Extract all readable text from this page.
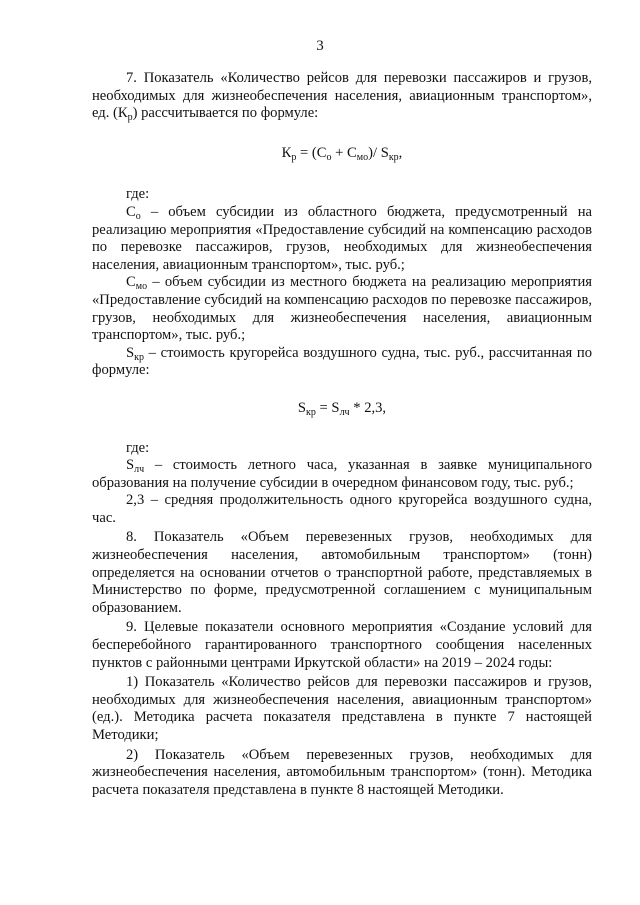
3

7. Показатель «Количество рейсов для перевозки пассажиров и грузов, необходимых для жизнеобеспечения населения, авиационным транспортом», ед. $(К_р)$ рассчитывается по формуле:

$К_р = (С_о + С_{мо})/$ $S_{кр}$,

где:

$С_о$ – объем субсидии из областного бюджета, предусмотренный на реализацию мероприятия «Предоставление субсидий на компенсацию расходов по перевозке пассажиров, грузов, необходимых для жизнеобеспечения населения, авиационным транспортом», тыс. руб.;

$С_{мо}$ – объем субсидии из местного бюджета на реализацию мероприятия «Предоставление субсидий на компенсацию расходов по перевозке пассажиров, грузов, необходимых для жизнеобеспечения населения, авиационным транспортом», тыс. руб.;

$S_{кр}$ – стоимость кругорейса воздушного судна, тыс. руб., рассчитанная по формуле:

$S_{кр} = S_{лч} * 2,3$,

где:

$S_{лч}$ – стоимость летного часа, указанная в заявке муниципального образования на получение субсидии в очередном финансовом году, тыс. руб.;

2,3 – средняя продолжительность одного кругорейса воздушного судна, час.

8. Показатель «Объем перевезенных грузов, необходимых для жизнеобеспечения населения, автомобильным транспортом» (тонн) определяется на основании отчетов о транспортной работе, представляемых в Министерство по форме, предусмотренной соглашением с муниципальным образованием.

9. Целевые показатели основного мероприятия «Создание условий для бесперебойного гарантированного транспортного сообщения населенных пунктов с районными центрами Иркутской области» на 2019 – 2024 годы:

1) Показатель «Количество рейсов для перевозки пассажиров и грузов, необходимых для жизнеобеспечения населения, авиационным транспортом» (ед.). Методика расчета показателя представлена в пункте 7 настоящей Методики;

2) Показатель «Объем перевезенных грузов, необходимых для жизнеобеспечения населения, автомобильным транспортом» (тонн). Методика расчета показателя представлена в пункте 8 настоящей Методики.
